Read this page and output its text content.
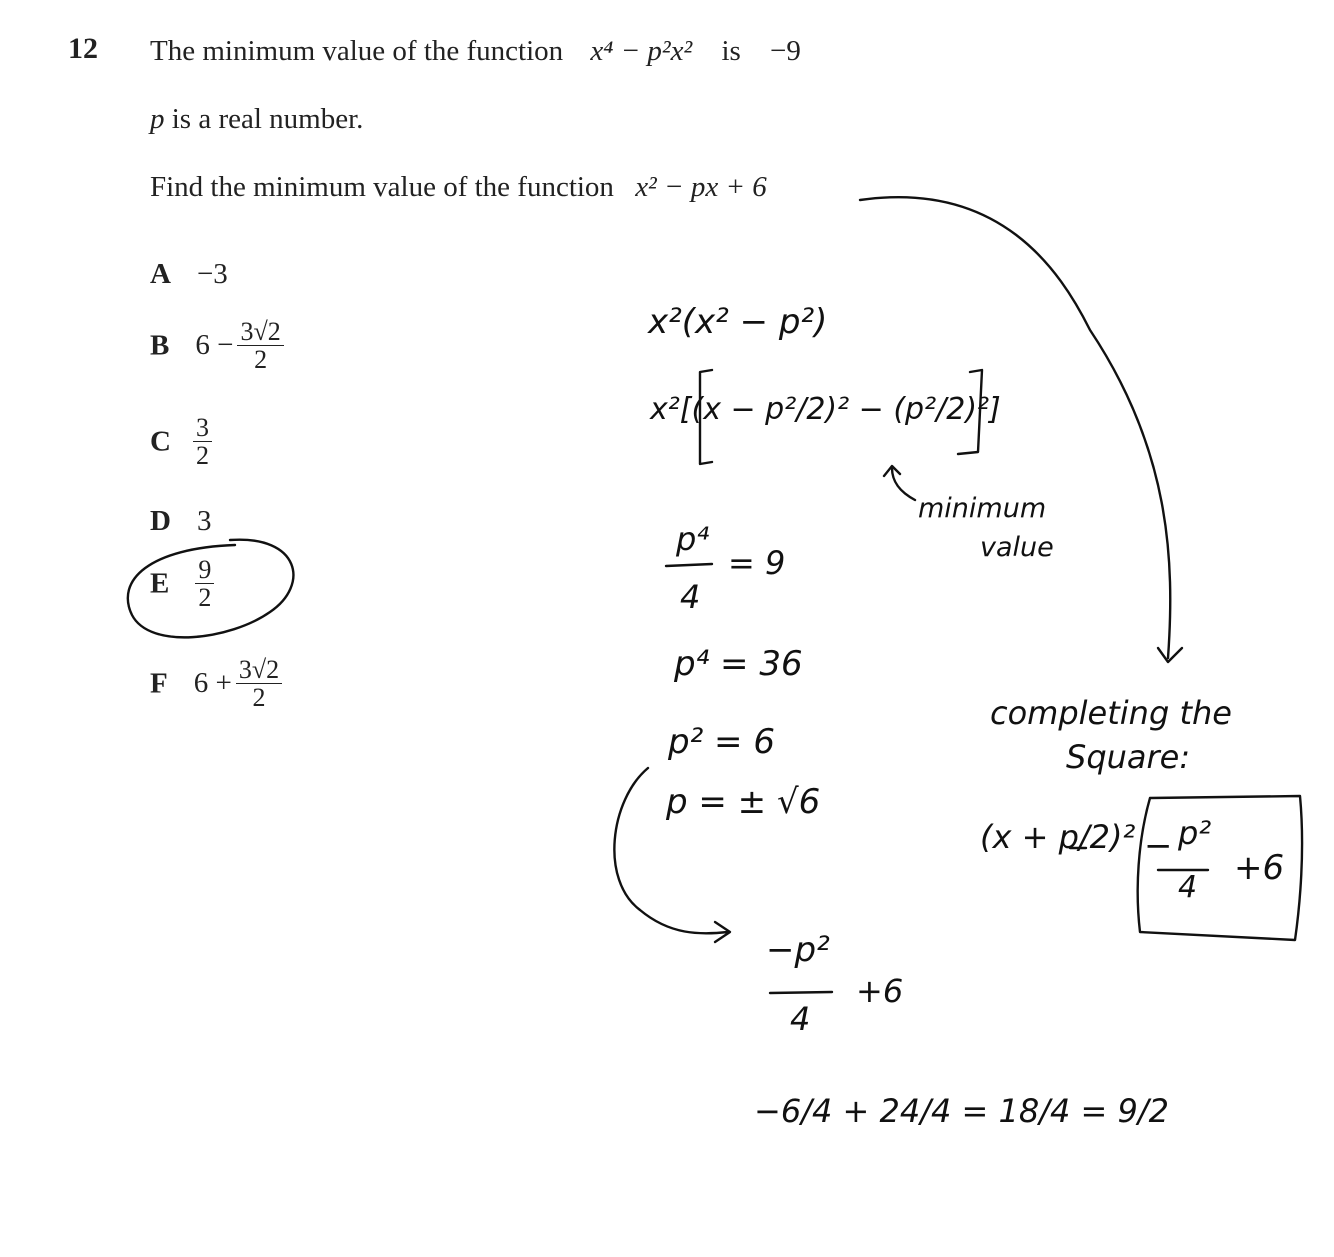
12 The minimum value of the function x⁴ − p²x² is −9
p is a real number.
Find the minimum value of the function x² − px + 6
A −3
B $6 - \frac{3√2}{2}$
C $\frac{3}{2}$
D 3
E $\frac{9}{2}$
F $6 + \frac{3√2}{2}$
x²(x² − p²)
x²[(x − p²/2)² − (p²/2)²]
minimum
value
p⁴
4
= 9
p⁴ = 36
p² = 6
p = ± √6
completing the
Square:
(x + p/2)² − p²
4 +6
−p²
4
+6
−6/4 + 24/4 = 18/4 = 9/2
